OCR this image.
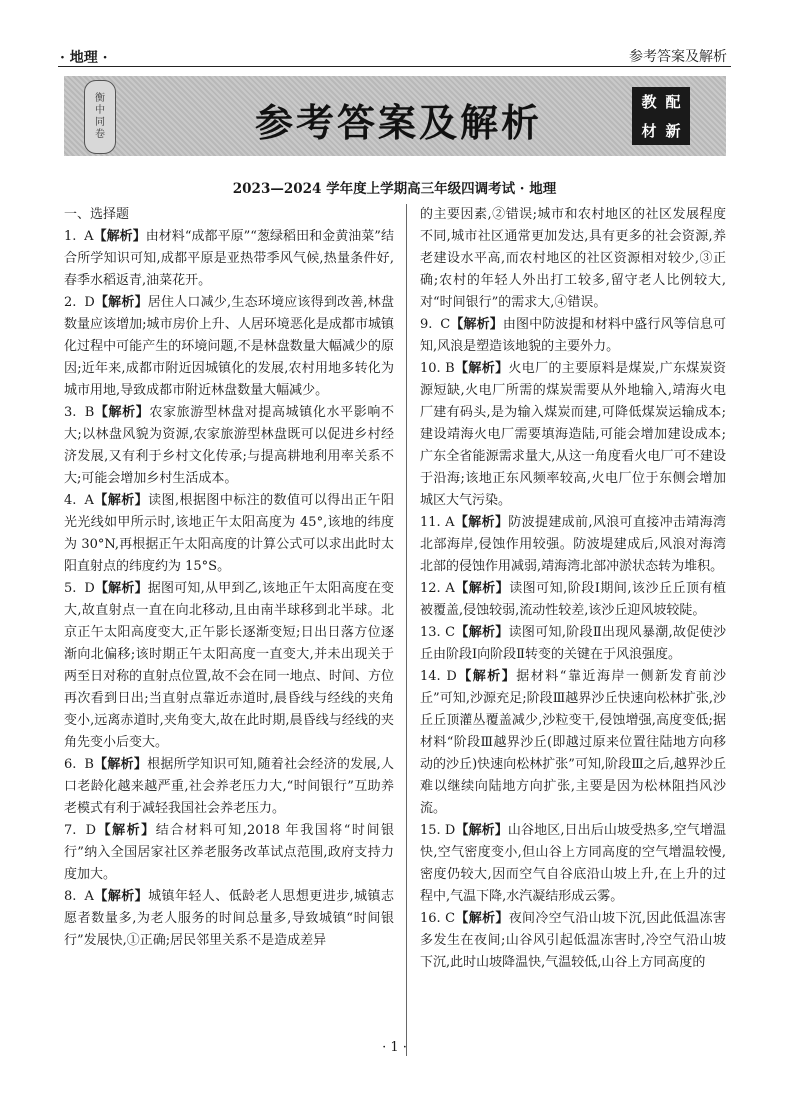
· 地理 ·	参考答案及解析
衡
中
同
卷	参考答案及解析	教 配
材 新
2023—2024 学年度上学期高三年级四调考试 · 地理

一、选择题

1. A【解析】由材料“成都平原”“葱绿稻田和金黄油菜”结合所学知识可知,成都平原是亚热带季风气候,热量条件好,春季水稻返青,油菜花开。

2. D【解析】居住人口减少,生态环境应该得到改善,林盘数量应该增加;城市房价上升、人居环境恶化是成都市城镇化过程中可能产生的环境问题,不是林盘数量大幅减少的原因;近年来,成都市附近因城镇化的发展,农村用地多转化为城市用地,导致成都市附近林盘数量大幅减少。

3. B【解析】农家旅游型林盘对提高城镇化水平影响不大;以林盘风貌为资源,农家旅游型林盘既可以促进乡村经济发展,又有利于乡村文化传承;与提高耕地利用率关系不大;可能会增加乡村生活成本。

4. A【解析】读图,根据图中标注的数值可以得出正午阳光光线如甲所示时,该地正午太阳高度为 45°,该地的纬度为 30°N,再根据正午太阳高度的计算公式可以求出此时太阳直射点的纬度约为 15°S。

5. D【解析】据图可知,从甲到乙,该地正午太阳高度在变大,故直射点一直在向北移动,且由南半球移到北半球。北京正午太阳高度变大,正午影长逐渐变短;日出日落方位逐渐向北偏移;该时期正午太阳高度一直变大,并未出现关于两至日对称的直射点位置,故不会在同一地点、时间、方位再次看到日出;当直射点靠近赤道时,晨昏线与经线的夹角变小,远离赤道时,夹角变大,故在此时期,晨昏线与经线的夹角先变小后变大。

6. B【解析】根据所学知识可知,随着社会经济的发展,人口老龄化越来越严重,社会养老压力大,“时间银行”互助养老模式有利于减轻我国社会养老压力。

7. D【解析】结合材料可知,2018 年我国将“时间银行”纳入全国居家社区养老服务改革试点范围,政府支持力度加大。

8. A【解析】城镇年轻人、低龄老人思想更进步,城镇志愿者数量多,为老人服务的时间总量多,导致城镇“时间银行”发展快,①正确;居民邻里关系不是造成差异

的主要因素,②错误;城市和农村地区的社区发展程度不同,城市社区通常更加发达,具有更多的社会资源,养老建设水平高,而农村地区的社区资源相对较少,③正确;农村的年轻人外出打工较多,留守老人比例较大,对“时间银行”的需求大,④错误。

9. C【解析】由图中防波提和材料中盛行风等信息可知,风浪是塑造该地貌的主要外力。

10. B【解析】火电厂的主要原料是煤炭,广东煤炭资源短缺,火电厂所需的煤炭需要从外地输入,靖海火电厂建有码头,是为输入煤炭而建,可降低煤炭运输成本;建设靖海火电厂需要填海造陆,可能会增加建设成本;广东全省能源需求量大,从这一角度看火电厂可不建设于沿海;该地正东风频率较高,火电厂位于东侧会增加城区大气污染。

11. A【解析】防波提建成前,风浪可直接冲击靖海湾北部海岸,侵蚀作用较强。防波堤建成后,风浪对海湾北部的侵蚀作用减弱,靖海湾北部冲淤状态转为堆积。

12. A【解析】读图可知,阶段Ⅰ期间,该沙丘丘顶有植被覆盖,侵蚀较弱,流动性较差,该沙丘迎风坡较陡。

13. C【解析】读图可知,阶段Ⅱ出现风暴潮,故促使沙丘由阶段Ⅰ向阶段Ⅱ转变的关键在于风浪强度。

14. D【解析】据材料“靠近海岸一侧新发育前沙丘”可知,沙源充足;阶段Ⅲ越界沙丘快速向松林扩张,沙丘丘顶灌丛覆盖减少,沙粒变干,侵蚀增强,高度变低;据材料“阶段Ⅲ越界沙丘(即越过原来位置往陆地方向移动的沙丘)快速向松林扩张”可知,阶段Ⅲ之后,越界沙丘难以继续向陆地方向扩张,主要是因为松林阻挡风沙流。

15. D【解析】山谷地区,日出后山坡受热多,空气增温快,空气密度变小,但山谷上方同高度的空气增温较慢,密度仍较大,因而空气自谷底沿山坡上升,在上升的过程中,气温下降,水汽凝结形成云雾。

16. C【解析】夜间冷空气沿山坡下沉,因此低温冻害多发生在夜间;山谷风引起低温冻害时,冷空气沿山坡下沉,此时山坡降温快,气温较低,山谷上方同高度的

· 1 ·
